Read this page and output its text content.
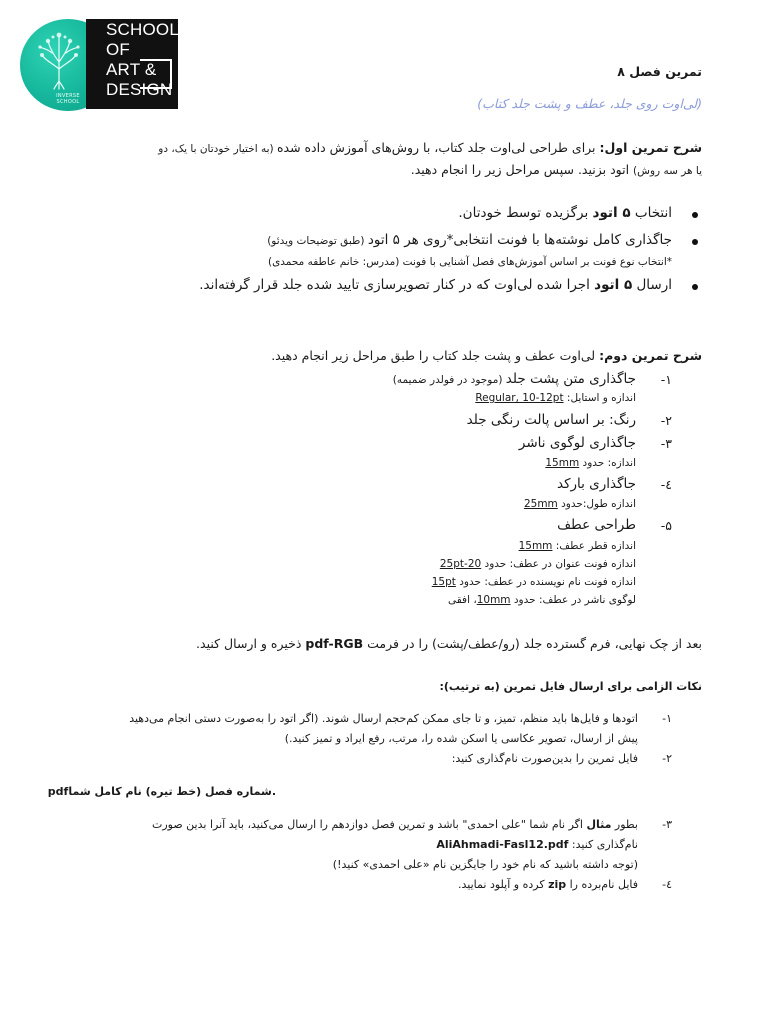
INVERSE
SCHOOL
SCHOOL
OF
ART &
DESIGN
تمرین فصل ۸
(لی‌اوت روی جلد، عطف و پشت جلد کتاب)
شرح تمرین اول: برای طراحی لی‌اوت جلد کتاب، با روش‌های آموزش داده شده (به اختیار خودتان با یک، دو
یا هر سه روش) اتود بزنید. سپس مراحل زیر را انجام دهید.
انتخاب ۵ اتود برگزیده توسط خودتان.
جاگذاری کامل نوشته‌ها با فونت انتخابی*روی هر ۵ اتود (طبق توضیحات ویدئو)
*انتخاب نوع فونت بر اساس آموزش‌های فصل آشنایی با فونت (مدرس: خانم عاطفه محمدی)
ارسال ۵ اتود اجرا شده لی‌اوت که در کنار تصویرسازی تایید شده جلد قرار گرفته‌اند.
شرح تمرین دوم: لی‌اوت عطف و پشت جلد کتاب را طبق مراحل زیر انجام دهید.
۱-
جاگذاری متن پشت جلد (موجود در فولدر ضمیمه)
اندازه و استایل: Regular, 10-12pt
۲-
رنگ: بر اساس پالت رنگی جلد
۳-
جاگذاری لوگوی ناشر
اندازه: حدود 15mm
٤-
جاگذاری بارکد
اندازه طول:حدود 25mm
۵-
طراحی عطف
اندازه قطر عطف: 15mm
اندازه فونت عنوان در عطف: حدود 20-25pt
اندازه فونت نام نویسنده در عطف: حدود 15pt
لوگوی ناشر در عطف: حدود 10mm، افقی
بعد از چک نهایی، فرم گسترده جلد (رو/عطف/پشت) را در فرمت pdf-RGB ذخیره و ارسال کنید.
نکات الزامی برای ارسال فایل تمرین (به ترتیب):
۱-
اتودها و فایل‌ها باید منظم، تمیز، و تا جای ممکن کم‌حجم ارسال شوند. (اگر اتود را به‌صورت دستی انجام می‌دهید
پیش از ارسال، تصویر عکاسی یا اسکن شده را، مرتب، رفع ایراد و تمیز کنید.)
۲-
فایل تمرین را بدین‌صورت نام‌گذاری کنید:
.شماره فصل (خط تیره) نام کامل شماpdf
۳-
بطور مثال اگر نام شما "علی احمدی" باشد و تمرین فصل دوازدهم را ارسال می‌کنید، باید آنرا بدین صورت
نام‌گذاری کنید: AliAhmadi-Fasl12.pdf
(توجه داشته باشید که نام خود را جایگزین نام «علی احمدی» کنید!)
٤-
فایل نام‌برده را zip کرده و آپلود نمایید.
